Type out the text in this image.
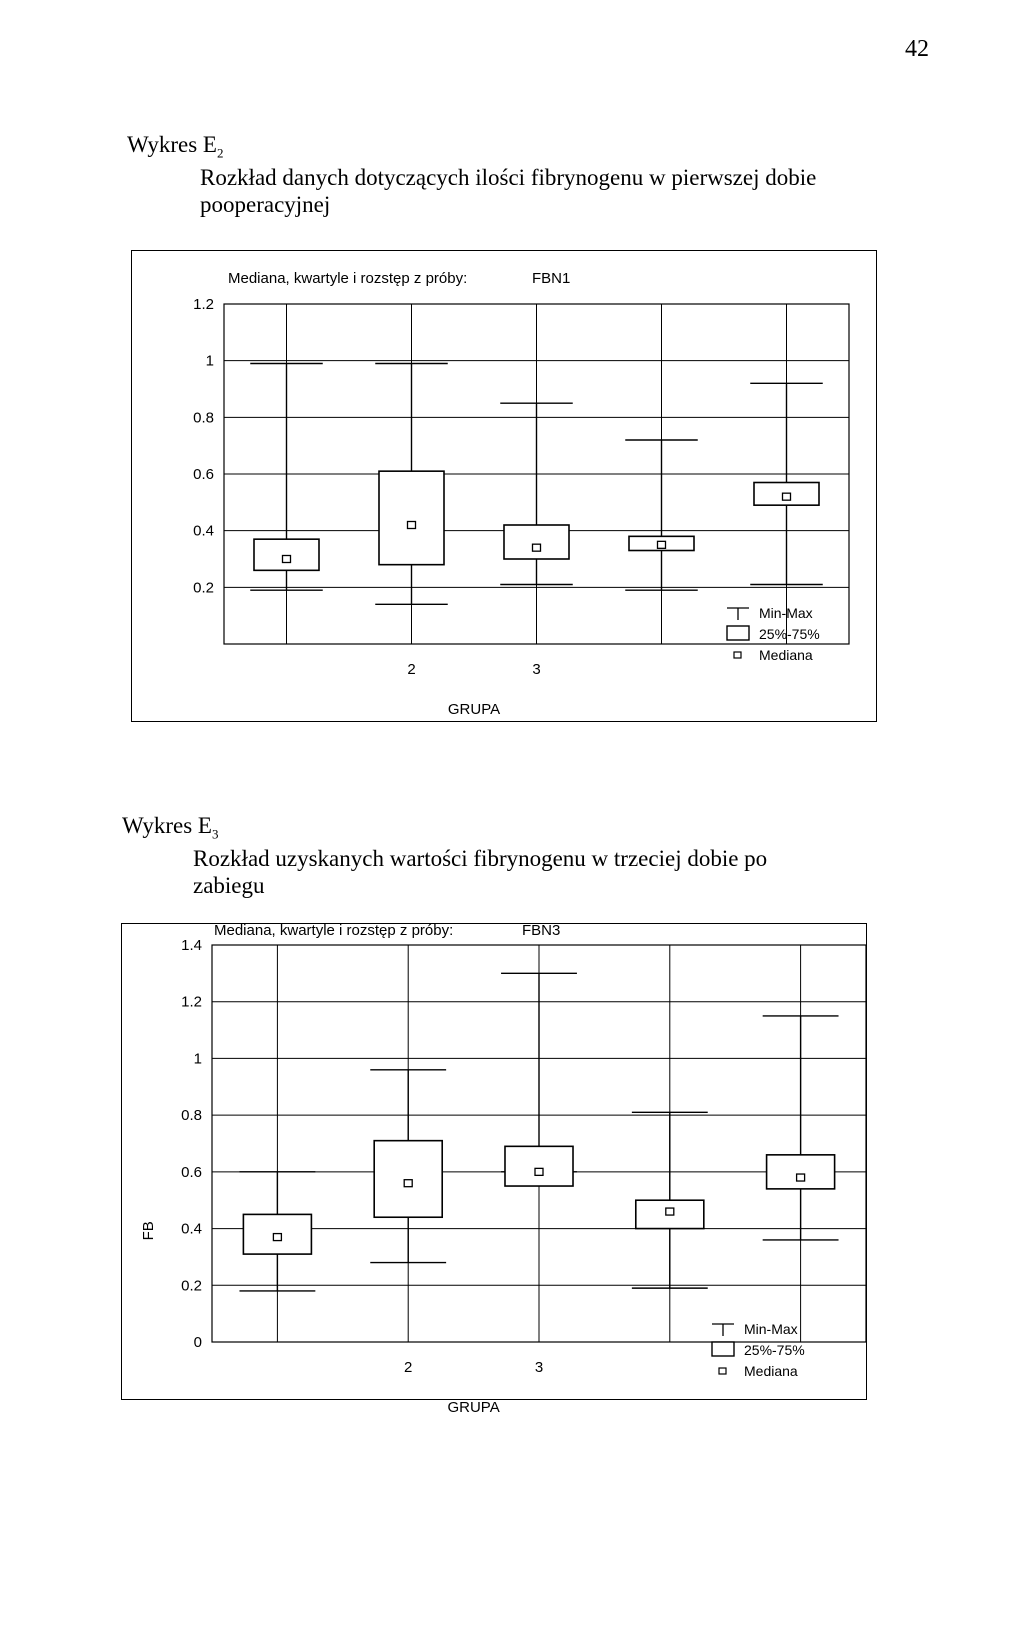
42
Wykres $E_2$
Rozkład danych dotyczących ilości fibrynogenu w pierwszej dobie pooperacyjnej
Mediana, kwartyle i rozstęp z próby:	FBN1
1.2
1
0.8
0.6
0.4
0.2
2	3
GRUPA
Min-Max
25%-75%
Mediana
Wykres $E_3$
Rozkład uzyskanych wartości fibrynogenu w trzeciej dobie po zabiegu
Mediana, kwartyle i rozstęp z próby:	FBN3
1.4
1.2
1
0.8
0.6
0.4
0.2
0
2	3
GRUPA
FB
Min-Max
25%-75%
Mediana
